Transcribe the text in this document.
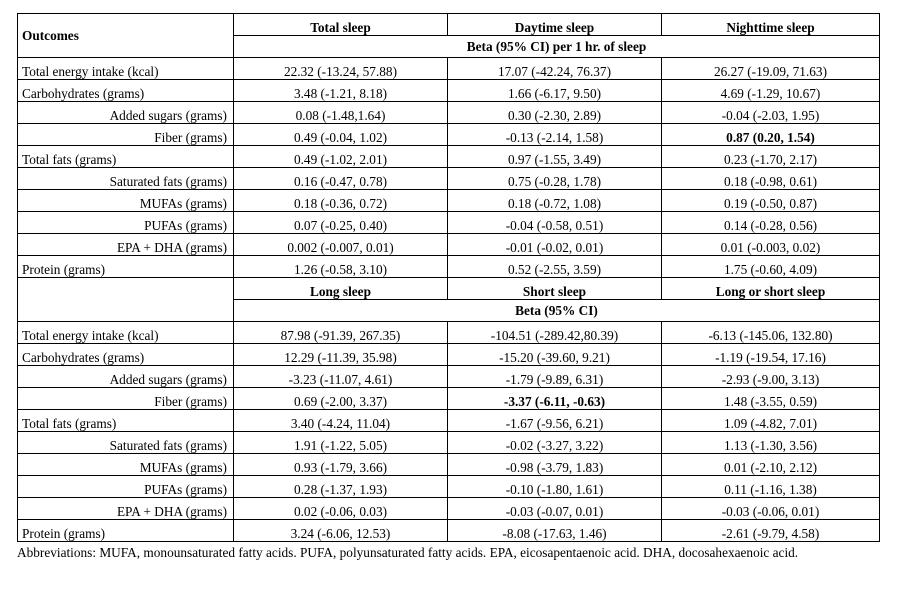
Outcomes	Total sleep	Daytime sleep	Nighttime sleep
	Beta (95% CI) per 1 hr. of sleep		
Total energy intake (kcal)	22.32 (-13.24, 57.88)	17.07 (-42.24, 76.37)	26.27 (-19.09, 71.63)
Carbohydrates (grams)	3.48 (-1.21, 8.18)	1.66 (-6.17, 9.50)	4.69 (-1.29, 10.67)
Added sugars (grams)	0.08 (-1.48,1.64)	0.30 (-2.30, 2.89)	-0.04 (-2.03, 1.95)
Fiber (grams)	0.49 (-0.04, 1.02)	-0.13 (-2.14, 1.58)	0.87 (0.20, 1.54)
Total fats (grams)	0.49 (-1.02, 2.01)	0.97 (-1.55, 3.49)	0.23 (-1.70, 2.17)
Saturated fats (grams)	0.16 (-0.47, 0.78)	0.75 (-0.28, 1.78)	0.18 (-0.98, 0.61)
MUFAs (grams)	0.18 (-0.36, 0.72)	0.18 (-0.72, 1.08)	0.19 (-0.50, 0.87)
PUFAs (grams)	0.07 (-0.25, 0.40)	-0.04 (-0.58, 0.51)	0.14 (-0.28, 0.56)
EPA + DHA (grams)	0.002 (-0.007, 0.01)	-0.01 (-0.02, 0.01)	0.01 (-0.003, 0.02)
Protein (grams)	1.26 (-0.58, 3.10)	0.52 (-2.55, 3.59)	1.75 (-0.60, 4.09)
	Long sleep	Short sleep	Long or short sleep
	Beta (95% CI)		
Total energy intake (kcal)	87.98 (-91.39, 267.35)	-104.51 (-289.42,80.39)	-6.13 (-145.06, 132.80)
Carbohydrates (grams)	12.29 (-11.39, 35.98)	-15.20 (-39.60, 9.21)	-1.19 (-19.54, 17.16)
Added sugars (grams)	-3.23 (-11.07, 4.61)	-1.79 (-9.89, 6.31)	-2.93 (-9.00, 3.13)
Fiber (grams)	0.69 (-2.00, 3.37)	-3.37 (-6.11, -0.63)	1.48 (-3.55, 0.59)
Total fats (grams)	3.40 (-4.24, 11.04)	-1.67 (-9.56, 6.21)	1.09 (-4.82, 7.01)
Saturated fats (grams)	1.91 (-1.22, 5.05)	-0.02 (-3.27, 3.22)	1.13 (-1.30, 3.56)
MUFAs (grams)	0.93 (-1.79, 3.66)	-0.98 (-3.79, 1.83)	0.01 (-2.10, 2.12)
PUFAs (grams)	0.28 (-1.37, 1.93)	-0.10 (-1.80, 1.61)	0.11 (-1.16, 1.38)
EPA + DHA (grams)	0.02 (-0.06, 0.03)	-0.03 (-0.07, 0.01)	-0.03 (-0.06, 0.01)
Protein (grams)	3.24 (-6.06, 12.53)	-8.08 (-17.63, 1.46)	-2.61 (-9.79, 4.58)
Abbreviations: MUFA, monounsaturated fatty acids. PUFA, polyunsaturated fatty acids. EPA, eicosapentaenoic acid. DHA, docosahexaenoic acid.
